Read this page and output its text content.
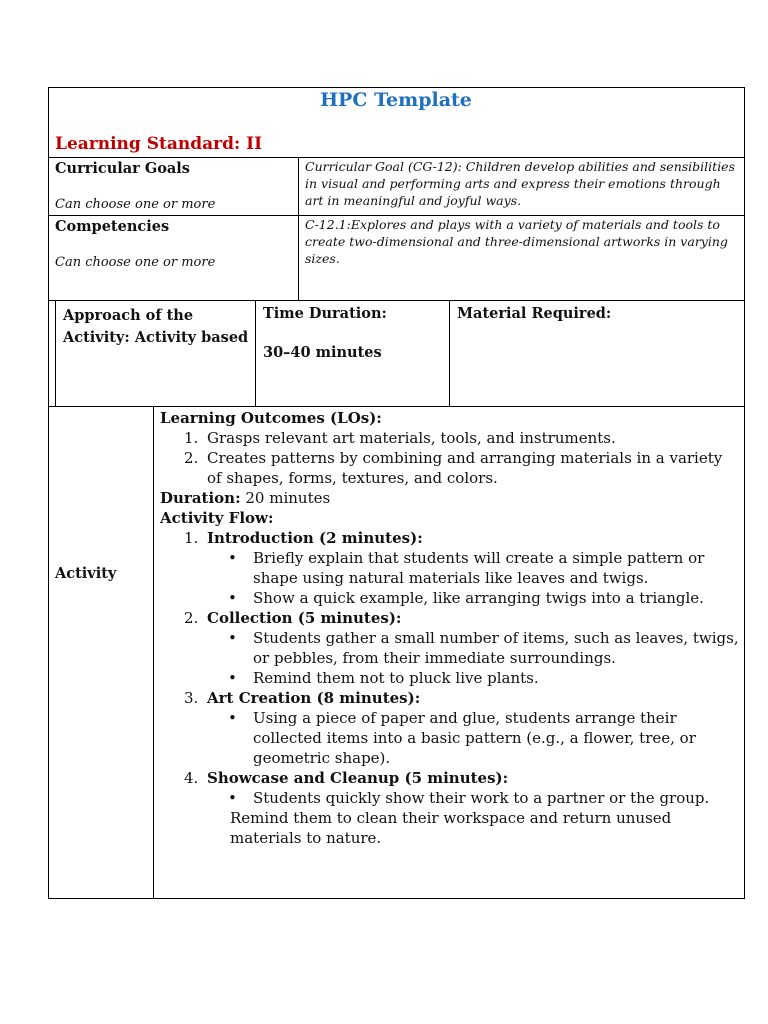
HPC Template
Learning Standard: II
Curricular Goals
Can choose one or more
Curricular Goal (CG-12): Children develop abilities and sensibilities in visual and performing arts and express their emotions through art in meaningful and joyful ways.
Competencies
Can choose one or more
C-12.1:Explores and plays with a variety of materials and tools to create two-dimensional and three-dimensional artworks in varying sizes.
Approach of the
Activity: Activity based
Time Duration:
30–40 minutes
Material Required:
Activity
Learning Outcomes (LOs):
1. Grasps relevant art materials, tools, and instruments.
2. Creates patterns by combining and arranging materials in a variety
of shapes, forms, textures, and colors.
Duration: 20 minutes
Activity Flow:
1. Introduction (2 minutes):
• Briefly explain that students will create a simple pattern or
shape using natural materials like leaves and twigs.
• Show a quick example, like arranging twigs into a triangle.
2. Collection (5 minutes):
• Students gather a small number of items, such as leaves, twigs,
or pebbles, from their immediate surroundings.
• Remind them not to pluck live plants.
3. Art Creation (8 minutes):
• Using a piece of paper and glue, students arrange their
collected items into a basic pattern (e.g., a flower, tree, or
geometric shape).
4. Showcase and Cleanup (5 minutes):
• Students quickly show their work to a partner or the group.
Remind them to clean their workspace and return unused
materials to nature.
